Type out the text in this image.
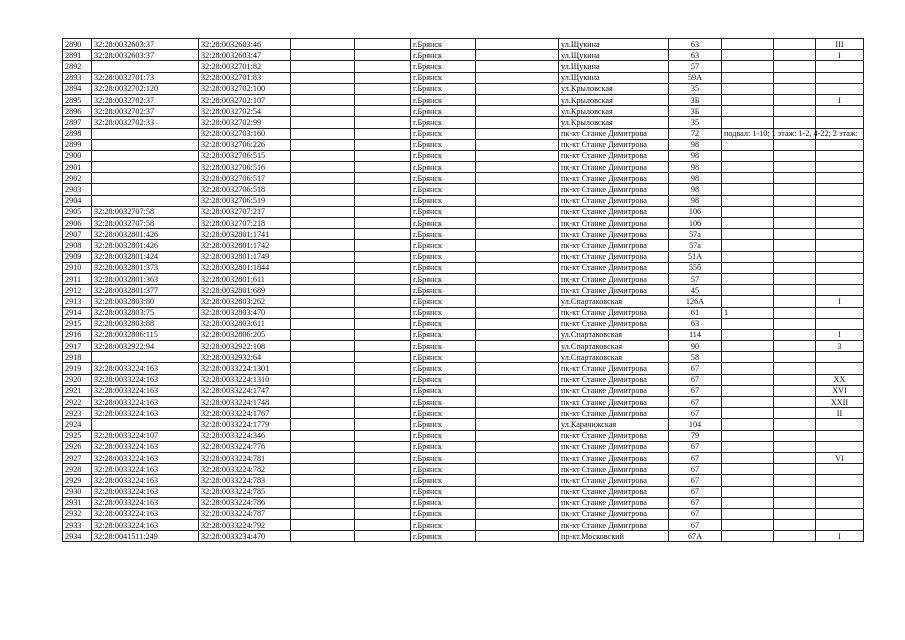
2890	32:28:0032603:37	32:28:0032603:46			г.Брянск		ул.Щукина	63			III
2891	32:28:0032603:37	32:28:0032603:47			г.Брянск		ул.Щукина	63			I
2892		32:28:0032701:82			г.Брянск		ул.Щукина	57			
2893	32:28:0032701:73	32:28:0032701:83			г.Брянск		ул.Щукина	59А			
2894	32:28:0032702:120	32:28:0032702:100			г.Брянск		ул.Крыловская	35			
2895	32:28:0032702:37	32:28:0032702:107			г.Брянск		ул.Крыловская	3Б			I
2896	32:28:0032702:37	32:28:0032702:54			г.Брянск		ул.Крыловская	3Б			
2897	32:28:0032702:33	32:28:0032702:99			г.Брянск		ул.Крыловская	35			
2898		32:28:0032703:160			г.Брянск		пк-кт Станке Димитрова	72	подвал: 1-10; 1 этаж: 1-2, 4-22; 2 этаж:		
2899		32:28:0032706:226			г.Брянск		пк-кт Станке Димитрова	98			
2900		32:28:0032706:515			г.Брянск		пк-кт Станке Димитрова	98			
2901		32:28:0032706:516			г.Брянск		пк-кт Станке Димитрова	98			
2902		32:28:0032706:517			г.Брянск		пк-кт Станке Димитрова	98			
2903		32:28:0032706:518			г.Брянск		пк-кт Станке Димитрова	98			
2904		32:28:0032706:519			г.Брянск		пк-кт Станке Димитрова	98			
2905	32:28:0032707:58	32:28:0032707:217			г.Брянск		пк-кт Станке Димитрова	106			
2906	32:28:0032707:58	32:28:0032707:218			г.Брянск		пк-кт Станке Димитрова	106			
2907	32:28:0032801:426	32:28:0032801:1741			г.Брянск		пк-кт Станке Димитрова	57а			
2908	32:28:0032801:426	32:28:0032801:1742			г.Брянск		пк-кт Станке Димитрова	57а			
2909	32:28:0032801:424	32:28:0032801:1749			г.Брянск		пк-кт Станке Димитрова	51А			
2910	32:28:0032801:373	32:28:0032801:1844			г.Брянск		пк-кт Станке Димитрова	55б			
2911	32:28:0032801:363	32:28:0032801:611			г.Брянск		пк-кт Станке Димитрова	57			
2912	32:28:0032801:377	32:28:0032801:689			г.Брянск		пк-кт Станке Димитрова	45			
2913	32:28:0032803:80	32:28:0032803:262			г.Брянск		ул.Спартаковская	126А			I
2914	32:28:0032803:75	32:28:0032803:470			г.Брянск		пк-кт Станке Димитрова	61	1		
2915	32:28:0032803:88	32:28:0032803:611			г.Брянск		пк-кт Станке Димитрова	63			
2916	32:28:0032806:115	32:28:0032806:205			г.Брянск		ул.Спартаковская	114			I
2917	32:28:0032922:94	32:28:0032922:108			г.Брянск		ул.Спартаковская	90			3
2918		32:28:0032932:64			г.Брянск		ул.Спартаковская	58			
2919	32:28:0033224:163	32:28:0033224:1301			г.Брянск		пк-кт Станке Димитрова	67			
2920	32:28:0033224:163	32:28:0033224:1310			г.Брянск		пк-кт Станке Димитрова	67			XX
2921	32:28:0033224:163	32:28:0033224:1747			г.Брянск		пк-кт Станке Димитрова	67			XVI
2922	32:28:0033224:163	32:28:0033224:1748			г.Брянск		пк-кт Станке Димитрова	67			XXII
2923	32:28:0033224:163	32:28:0033224:1767			г.Брянск		пк-кт Станке Димитрова	67			II
2924		32:28:0033224:1779			г.Брянск		ул.Карачижская	104			
2925	32:28:0033224:107	32:28:0033224:346			г.Брянск		пк-кт Станке Димитрова	79			
2926	32:28:0033224:163	32:28:0033224:776			г.Брянск		пк-кт Станке Димитрова	67			
2927	32:28:0033224:163	32:28:0033224:781			г.Брянск		пк-кт Станке Димитрова	67			VI
2928	32:28:0033224:163	32:28:0033224:782			г.Брянск		пк-кт Станке Димитрова	67			
2929	32:28:0033224:163	32:28:0033224:783			г.Брянск		пк-кт Станке Димитрова	67			
2930	32:28:0033224:163	32:28:0033224:785			г.Брянск		пк-кт Станке Димитрова	67			
2931	32:28:0033224:163	32:28:0033224:786			г.Брянск		пк-кт Станке Димитрова	67			
2932	32:28:0033224:163	32:28:0033224:787			г.Брянск		пк-кт Станке Димитрова	67			
2933	32:28:0033224:163	32:28:0033224:792			г.Брянск		пк-кт Станке Димитрова	67			
2934	32:28:0041511:249	32:28:0033234:470			г.Брянск		пр-кт.Московский	67А			I
